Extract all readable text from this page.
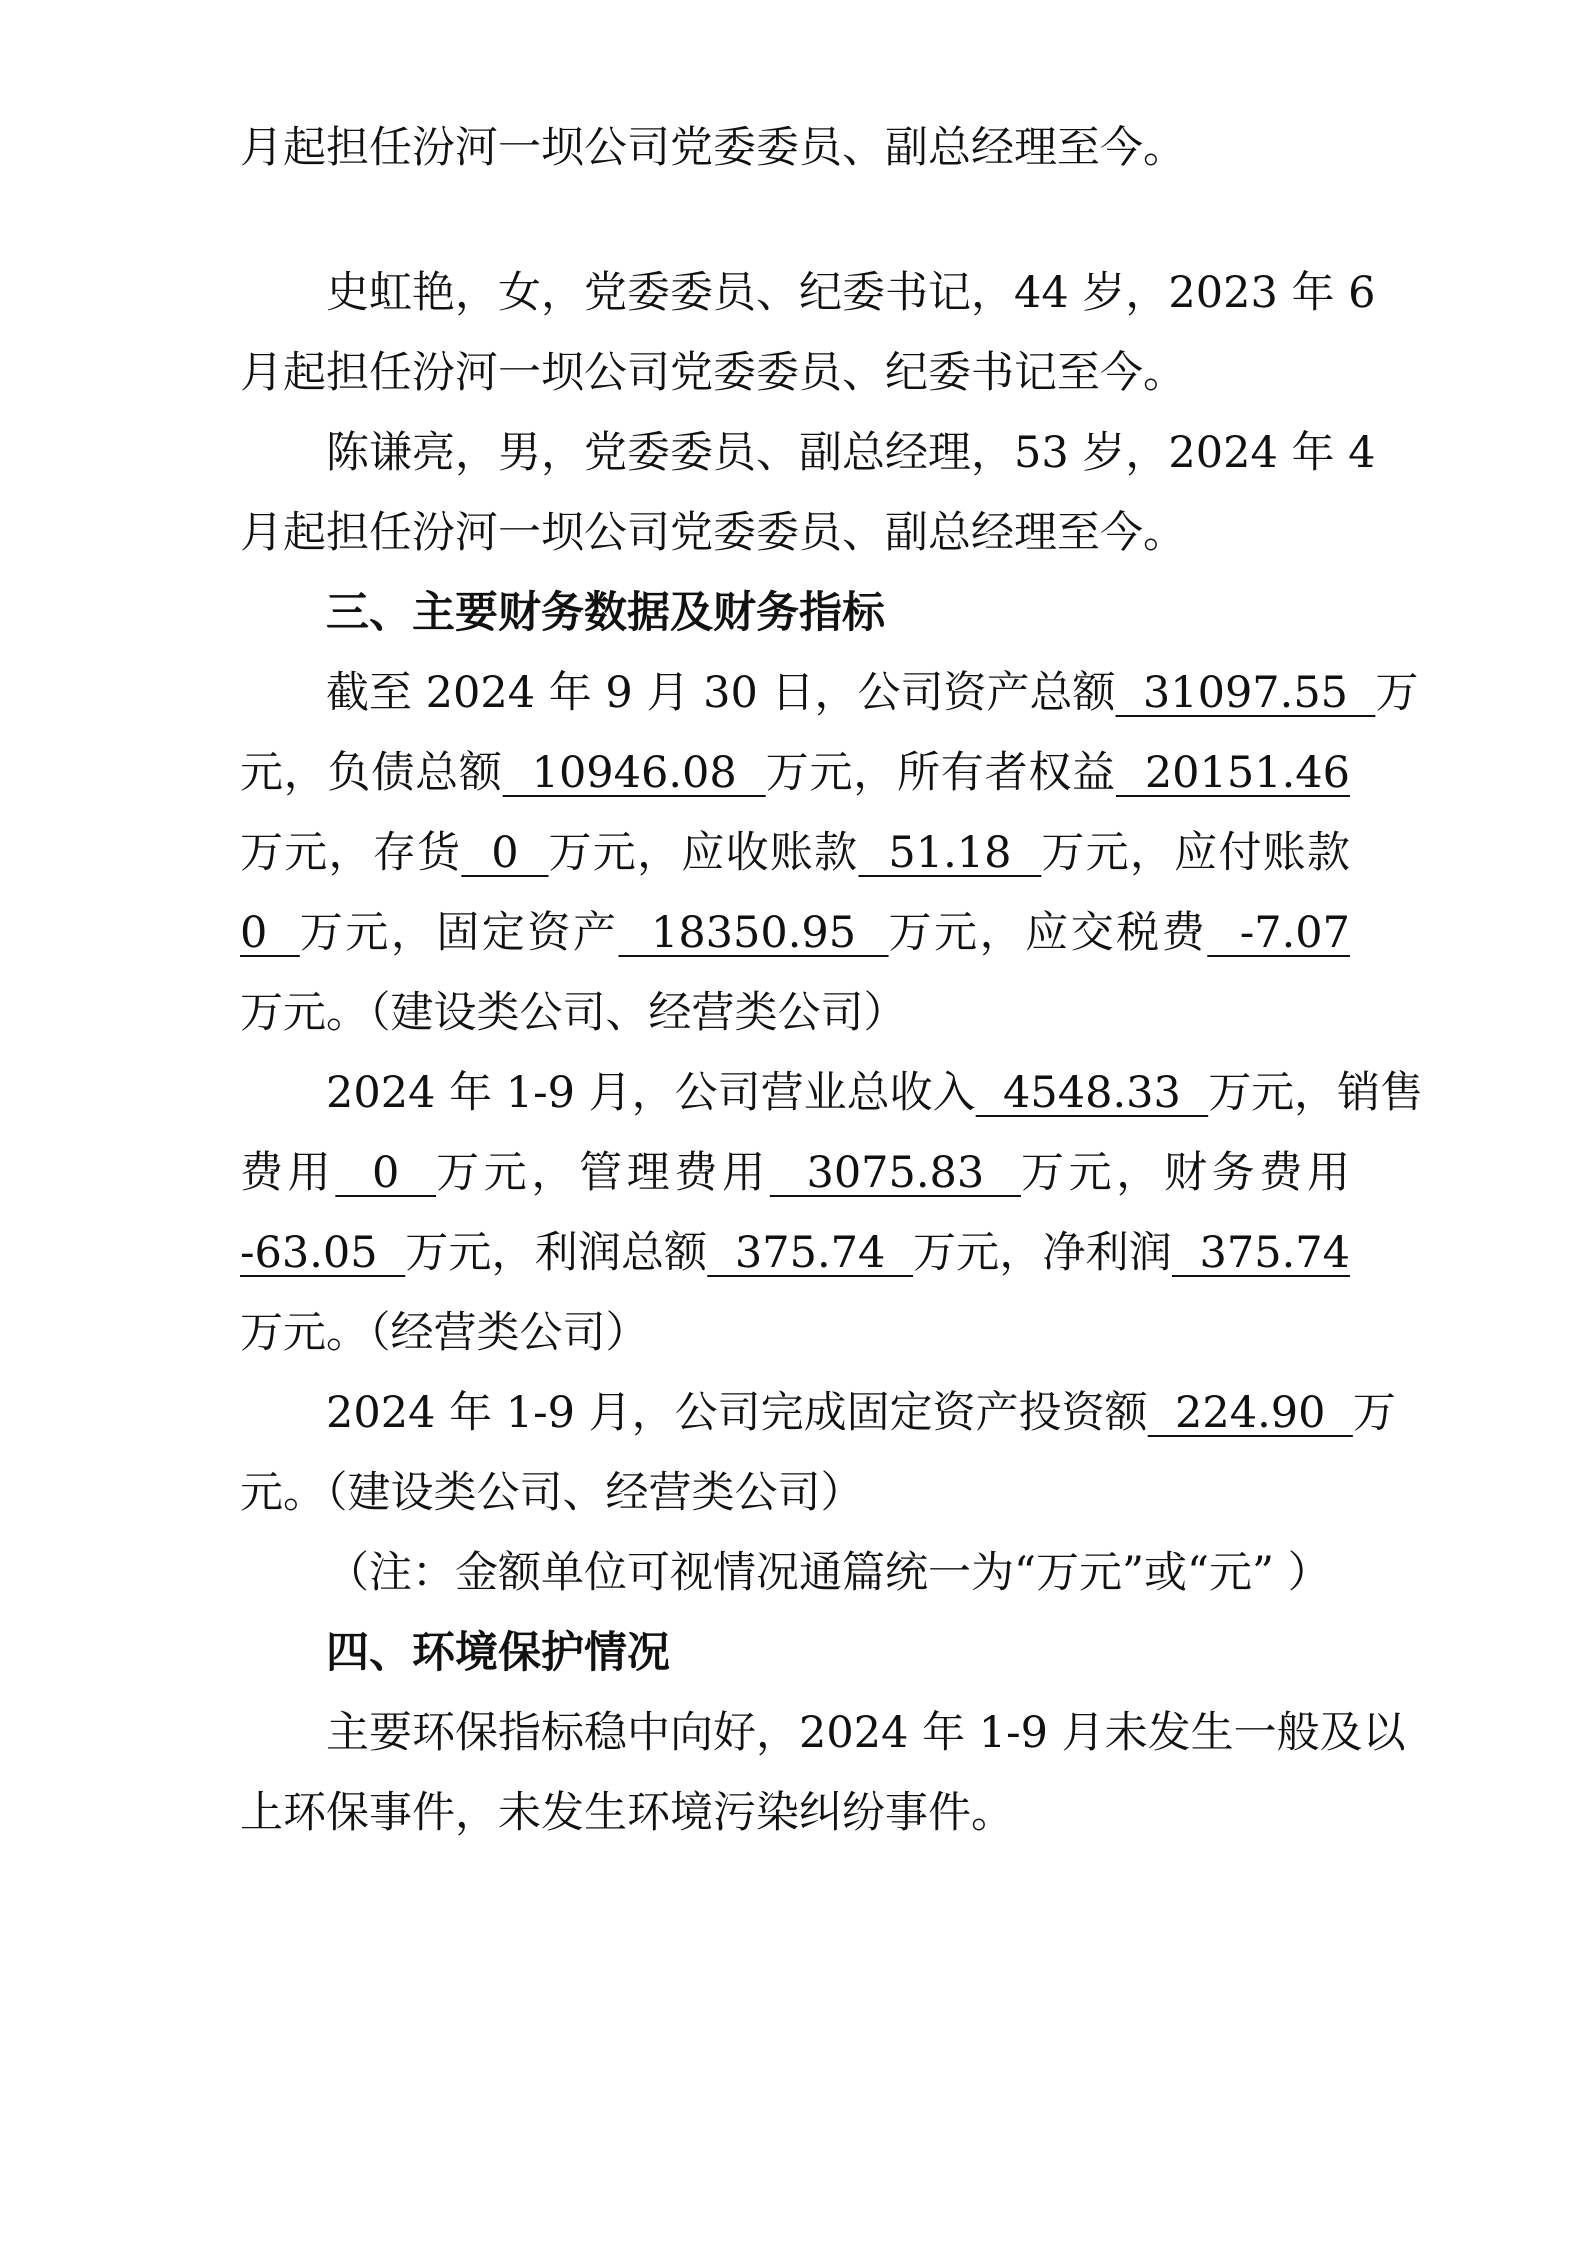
月起担任汾河一坝公司党委委员、副总经理至今。
史虹艳，女，党委委员、纪委书记，44 岁，2023 年 6
月起担任汾河一坝公司党委委员、纪委书记至今。
陈谦亮，男，党委委员、副总经理，53 岁，2024 年 4
月起担任汾河一坝公司党委委员、副总经理至今。
三、主要财务数据及财务指标
截至 2024 年 9 月 30 日，公司资产总额  31097.55  万
元，负债总额  10946.08  万元，所有者权益  20151.46
万元，存货  0  万元，应收账款  51.18  万元，应付账款
0  万元，固定资产  18350.95  万元，应交税费  -7.07
万元。（建设类公司、经营类公司）
2024 年 1-9 月，公司营业总收入  4548.33  万元，销售
费用  0  万元，管理费用  3075.83  万元，财务费用
-63.05  万元，利润总额  375.74  万元，净利润  375.74
万元。（经营类公司）
2024 年 1-9 月，公司完成固定资产投资额  224.90  万
元。（建设类公司、经营类公司）
（注：金额单位可视情况通篇统一为“万元”或“元” ）
四、环境保护情况
主要环保指标稳中向好，2024 年 1-9 月未发生一般及以
上环保事件，未发生环境污染纠纷事件。
